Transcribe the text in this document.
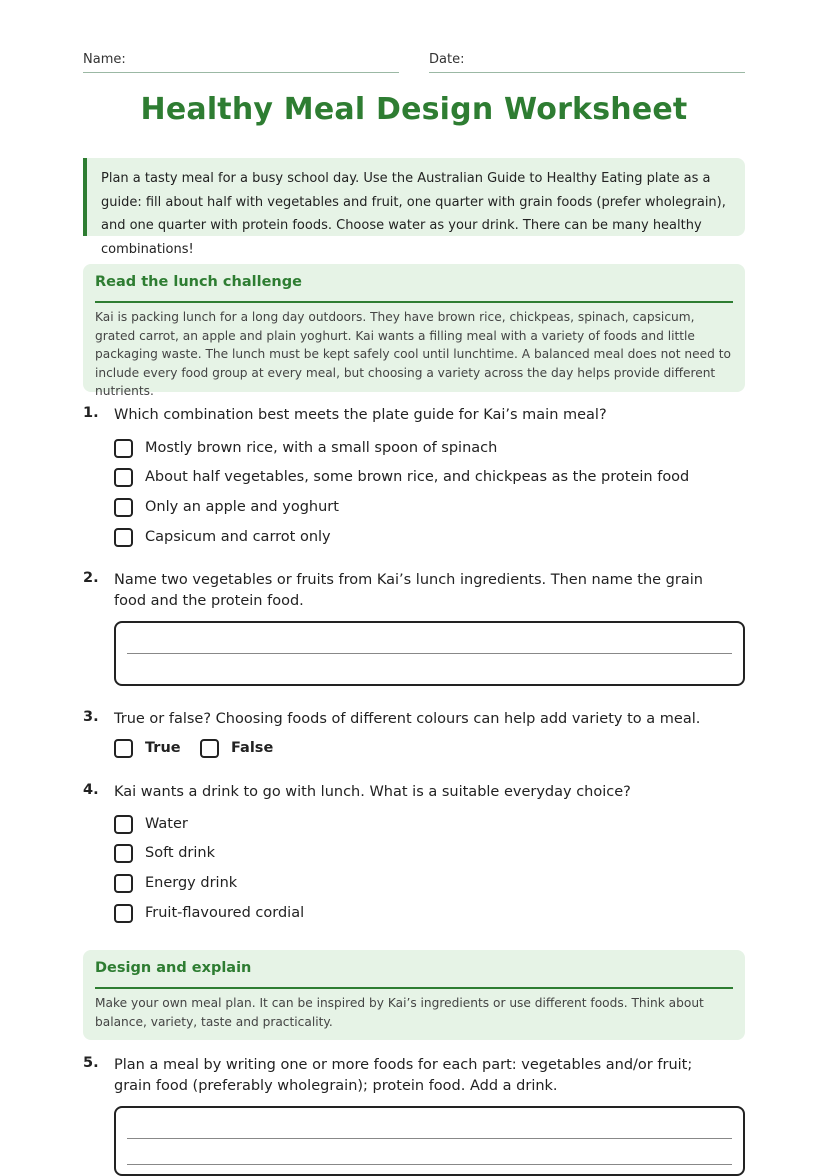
Name:	Date:
Healthy Meal Design Worksheet
Plan a tasty meal for a busy school day. Use the Australian Guide to Healthy Eating plate as a guide: fill about half with vegetables and fruit, one quarter with grain foods (prefer wholegrain), and one quarter with protein foods. Choose water as your drink. There can be many healthy combinations!
Read the lunch challenge
Kai is packing lunch for a long day outdoors. They have brown rice, chickpeas, spinach, capsicum, grated carrot, an apple and plain yoghurt. Kai wants a filling meal with a variety of foods and little packaging waste. The lunch must be kept safely cool until lunchtime. A balanced meal does not need to include every food group at every meal, but choosing a variety across the day helps provide different nutrients.
1. Which combination best meets the plate guide for Kai’s main meal?
Mostly brown rice, with a small spoon of spinach
About half vegetables, some brown rice, and chickpeas as the protein food
Only an apple and yoghurt
Capsicum and carrot only
2. Name two vegetables or fruits from Kai’s lunch ingredients. Then name the grain food and the protein food.
3. True or false? Choosing foods of different colours can help add variety to a meal.
True	False
4. Kai wants a drink to go with lunch. What is a suitable everyday choice?
Water
Soft drink
Energy drink
Fruit-flavoured cordial
Design and explain
Make your own meal plan. It can be inspired by Kai’s ingredients or use different foods. Think about balance, variety, taste and practicality.
5. Plan a meal by writing one or more foods for each part: vegetables and/or fruit; grain food (preferably wholegrain); protein food. Add a drink.
